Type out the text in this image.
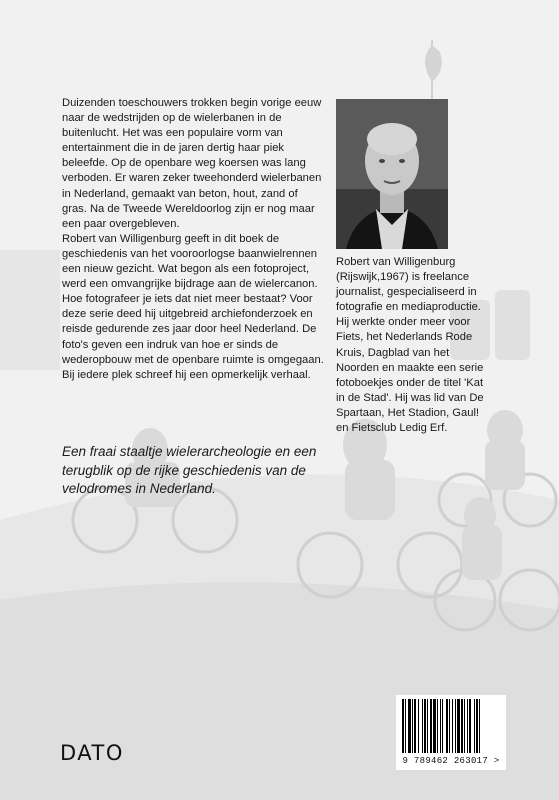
Duizenden toeschouwers trokken begin vorige eeuw naar de wedstrijden op de wielerbanen in de buitenlucht. Het was een populaire vorm van entertainment die in de jaren dertig haar piek beleefde. Op de openbare weg koersen was lang verboden. Er waren zeker tweehonderd wielerbanen in Nederland, gemaakt van beton, hout, zand of gras. Na de Tweede Wereldoorlog zijn er nog maar een paar overgebleven.

Robert van Willigenburg geeft in dit boek de geschiedenis van het vooroorlogse baanwielrennen een nieuw gezicht. Wat begon als een fotoproject, werd een omvangrijke bijdrage aan de wielercanon.

Hoe fotografeer je iets dat niet meer bestaat? Voor deze serie deed hij uitgebreid archiefonderzoek en reisde gedurende zes jaar door heel Nederland. De foto's geven een indruk van hoe er sinds de wederopbouw met de openbare ruimte is omgegaan. Bij iedere plek schreef hij een opmerkelijk verhaal.

Robert van Willigenburg (Rijswijk,1967) is freelance journalist, gespecialiseerd in fotografie en mediaproductie. Hij werkte onder meer voor Fiets, het Nederlands Rode Kruis, Dagblad van het Noorden en maakte een serie fotoboekjes onder de titel 'Kat in de Stad'. Hij was lid van De Spartaan, Het Stadion, Gaul! en Fietsclub Ledig Erf.
Een fraai staaltje wielerarcheologie en een terugblik op de rijke geschiedenis van de velodromes in Nederland.
DATO	9 789462 263017 >
